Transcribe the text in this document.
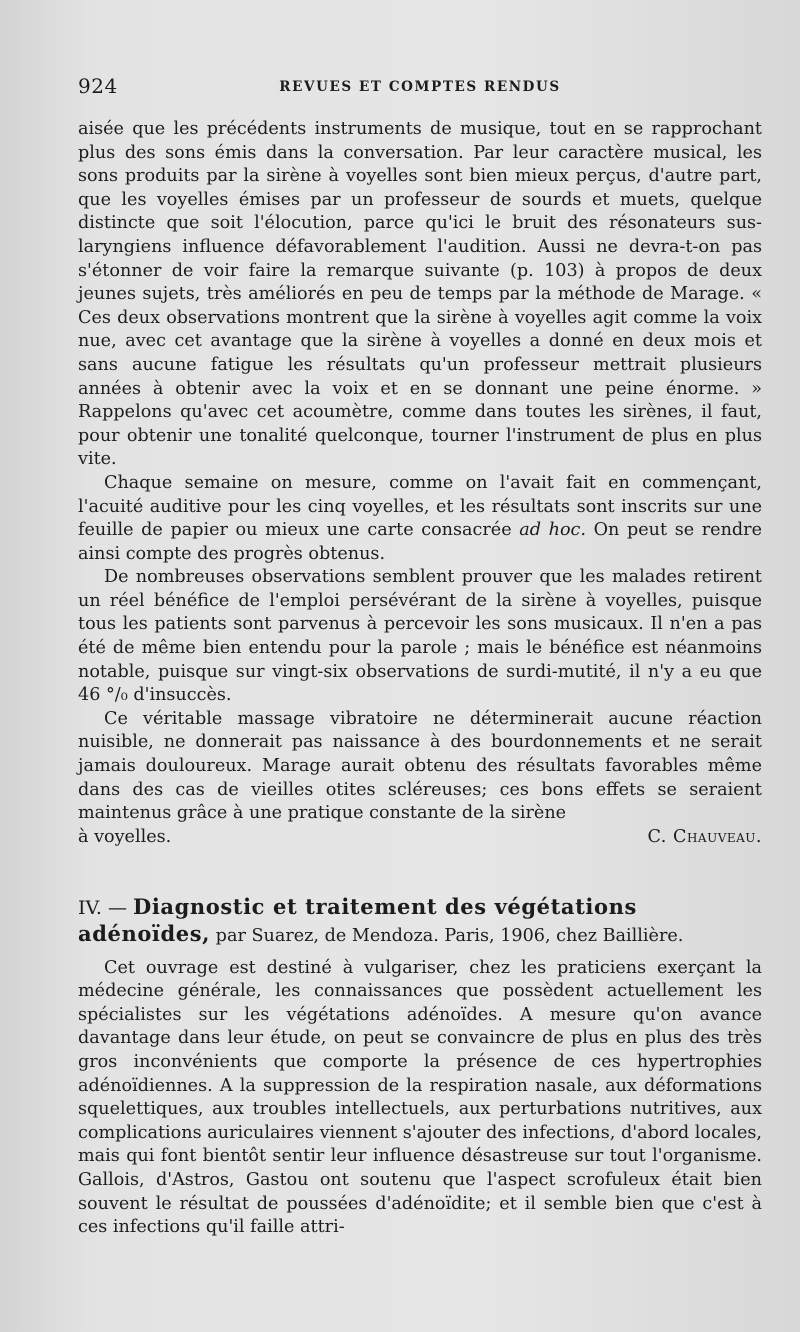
924	REVUES ET COMPTES RENDUS

aisée que les précédents instruments de musique, tout en se rapprochant plus des sons émis dans la conversation. Par leur caractère musical, les sons produits par la sirène à voyelles sont bien mieux perçus, d'autre part, que les voyelles émises par un professeur de sourds et muets, quelque distincte que soit l'élocution, parce qu'ici le bruit des résonateurs sus-laryngiens influence défavorablement l'audition. Aussi ne devra-t-on pas s'étonner de voir faire la remarque suivante (p. 103) à propos de deux jeunes sujets, très améliorés en peu de temps par la méthode de Marage. « Ces deux observations montrent que la sirène à voyelles agit comme la voix nue, avec cet avantage que la sirène à voyelles a donné en deux mois et sans aucune fatigue les résultats qu'un professeur mettrait plusieurs années à obtenir avec la voix et en se donnant une peine énorme. » Rappelons qu'avec cet acoumètre, comme dans toutes les sirènes, il faut, pour obtenir une tonalité quelconque, tourner l'instrument de plus en plus vite.

Chaque semaine on mesure, comme on l'avait fait en commençant, l'acuité auditive pour les cinq voyelles, et les résultats sont inscrits sur une feuille de papier ou mieux une carte consacrée ad hoc. On peut se rendre ainsi compte des progrès obtenus.

De nombreuses observations semblent prouver que les malades retirent un réel bénéfice de l'emploi persévérant de la sirène à voyelles, puisque tous les patients sont parvenus à percevoir les sons musicaux. Il n'en a pas été de même bien entendu pour la parole ; mais le bénéfice est néanmoins notable, puisque sur vingt-six observations de surdi-mutité, il n'y a eu que 46 °/₀ d'insuccès.

Ce véritable massage vibratoire ne déterminerait aucune réaction nuisible, ne donnerait pas naissance à des bourdonnements et ne serait jamais douloureux. Marage aurait obtenu des résultats favorables même dans des cas de vieilles otites scléreuses; ces bons effets se seraient maintenus grâce à une pratique constante de la sirène

à voyelles.	C. Chauveau.

IV. — Diagnostic et traitement des végétations adénoïdes, par Suarez, de Mendoza. Paris, 1906, chez Baillière.

Cet ouvrage est destiné à vulgariser, chez les praticiens exerçant la médecine générale, les connaissances que possèdent actuellement les spécialistes sur les végétations adénoïdes. A mesure qu'on avance davantage dans leur étude, on peut se convaincre de plus en plus des très gros inconvénients que comporte la présence de ces hypertrophies adénoïdiennes. A la suppression de la respiration nasale, aux déformations squelettiques, aux troubles intellectuels, aux perturbations nutritives, aux complications auriculaires viennent s'ajouter des infections, d'abord locales, mais qui font bientôt sentir leur influence désastreuse sur tout l'organisme. Gallois, d'Astros, Gastou ont soutenu que l'aspect scrofuleux était bien souvent le résultat de poussées d'adénoïdite; et il semble bien que c'est à ces infections qu'il faille attri-
